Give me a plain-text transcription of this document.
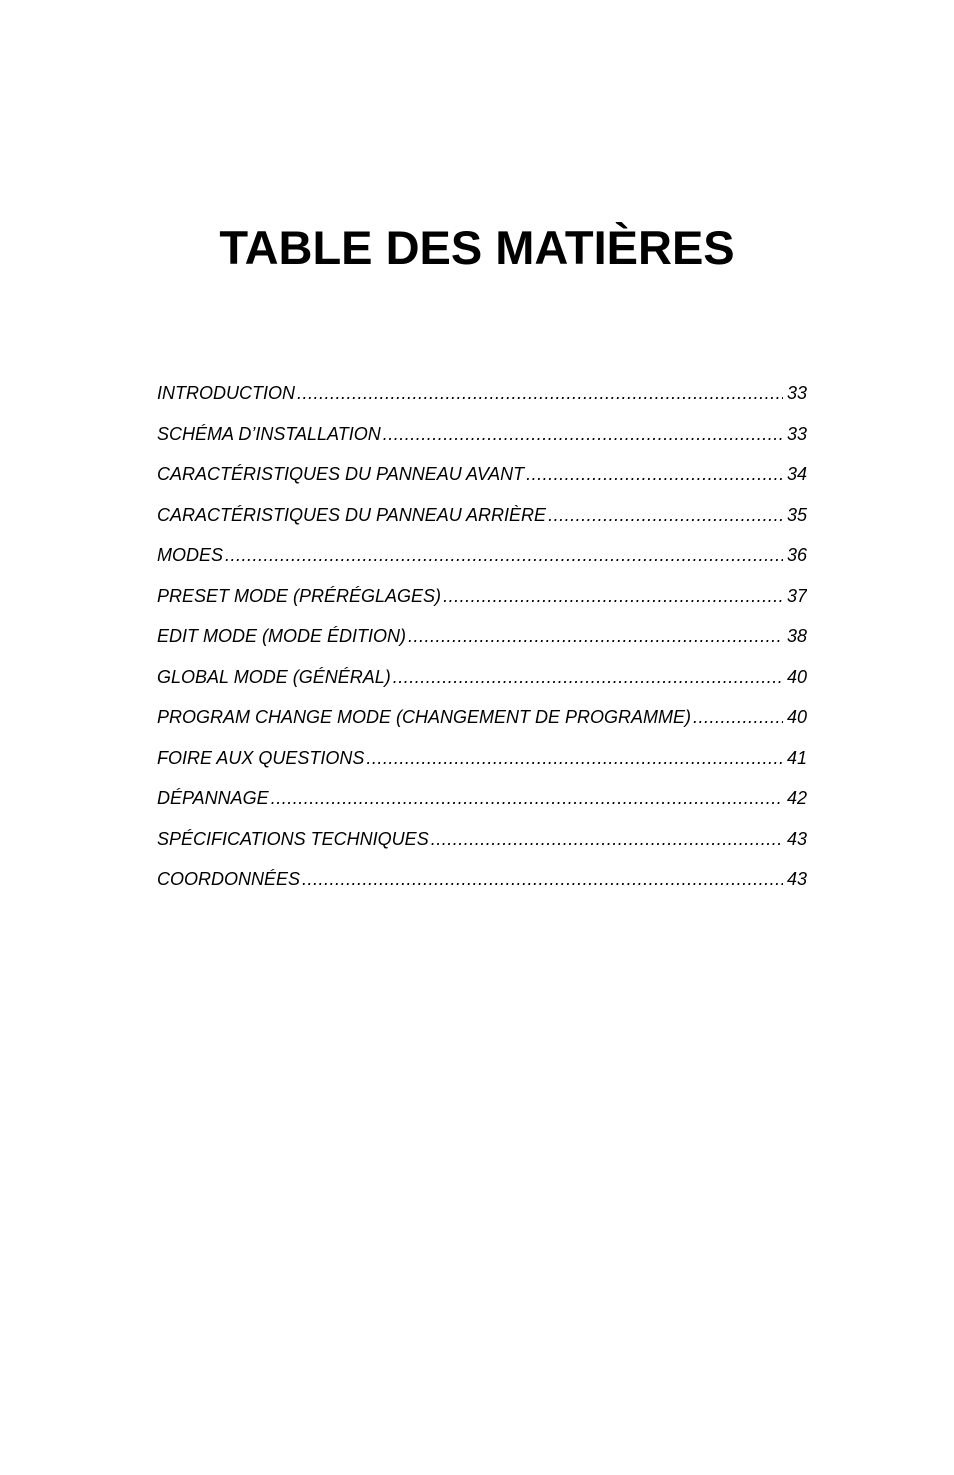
TABLE DES MATIÈRES
INTRODUCTION .....	33
SCHÉMA D’INSTALLATION .....	33
CARACTÉRISTIQUES DU PANNEAU AVANT .....	34
CARACTÉRISTIQUES DU PANNEAU ARRIÈRE .....	35
MODES .....	36
PRESET MODE (PRÉRÉGLAGES) .....	37
EDIT MODE (MODE ÉDITION) .....	38
GLOBAL MODE (GÉNÉRAL) .....	40
PROGRAM CHANGE MODE (CHANGEMENT DE PROGRAMME) .....	40
FOIRE AUX QUESTIONS .....	41
DÉPANNAGE .....	42
SPÉCIFICATIONS TECHNIQUES .....	43
COORDONNÉES .....	43
